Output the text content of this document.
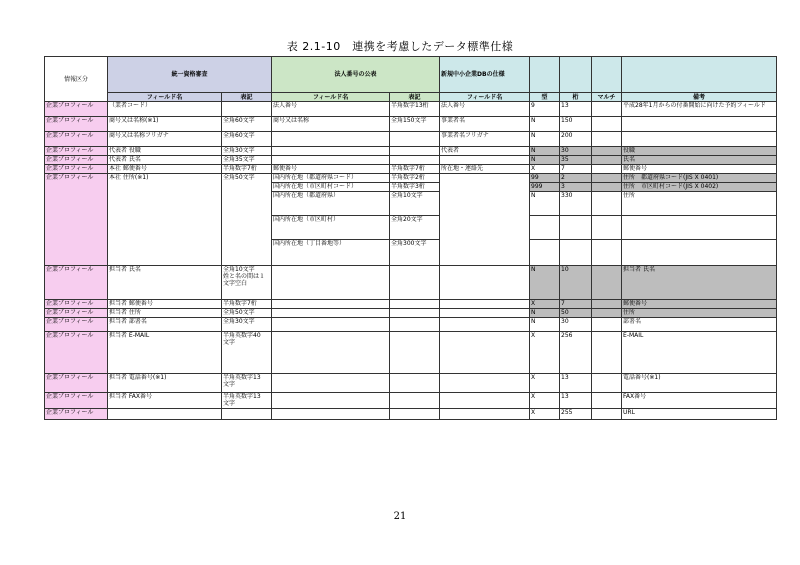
表 2.1-10　連携を考慮したデータ標準仕様
情報区分	統一資格審査		法人番号の公表		新規中小企業DBの仕様				
	フィールド名	表記	フィールド名	表記	フィールド名	型	桁	マルチ	備考
企業プロフィール	（業者コード）		法人番号	半角数字13桁	法人番号	9	13		平成28年1月からの付番開始に向けた予約フィールド
企業プロフィール	商号又は名称(※1)	全角60文字	商号又は名称	全角150文字	事業者名	N	150		
企業プロフィール	商号又は名称フリガナ	全角60文字			事業者名フリガナ	N	200		
企業プロフィール	代表者 役職	全角30文字			代表者	N	30		役職
企業プロフィール	代表者 氏名	全角35文字				N	35		氏名
企業プロフィール	本社 郵便番号	半角数字7桁	郵便番号	半角数字7桁	所在地・連絡先	X	7		郵便番号
企業プロフィール	本社 住所(※1)	全角50文字	国内所在地（都道府県コード）	半角数字2桁		99	2		住所　都道府県コード(JIS X 0401)
			国内所在地（市区町村コード）	半角数字3桁		999	3		住所　市区町村コード(JIS X 0402)
			国内所在地（都道府県）	全角10文字		N	330		住所
			国内所在地（市区町村）	全角20文字					
			国内所在地（丁目番地等）	全角300文字					
企業プロフィール	担当者 氏名	全角10文字
姓と名の間は１
文字空白				N	10		担当者 氏名
企業プロフィール	担当者 郵便番号	半角数字7桁				X	7		郵便番号
企業プロフィール	担当者 住所	全角50文字				N	50		住所
企業プロフィール	担当者 部署名	全角30文字				N	30		部署名
企業プロフィール	担当者 E-MAIL	半角英数字40
文字				X	256		E-MAIL
企業プロフィール	担当者 電話番号(※1)	半角英数字13
文字				X	13		電話番号(※1)
企業プロフィール	担当者 FAX番号	半角英数字13
文字				X	13		FAX番号
企業プロフィール						X	255		URL
21
